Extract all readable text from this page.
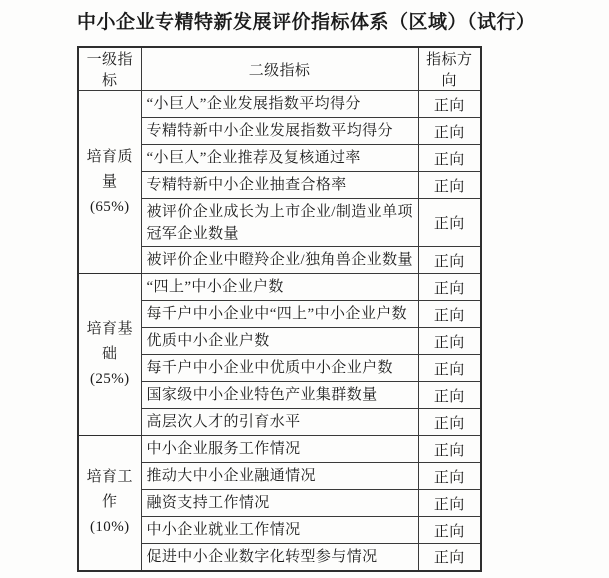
中小企业专精特新发展评价指标体系（区域）（试行）
一级指标	二级指标	指标方向

培育质量
(65%)	“小巨人”企业发展指数平均得分	正向
	专精特新中小企业发展指数平均得分	正向
	“小巨人”企业推荐及复核通过率	正向
	专精特新中小企业抽查合格率	正向
	被评价企业成长为上市企业/制造业单项冠军企业数量	正向
	被评价企业中瞪羚企业/独角兽企业数量	正向

培育基础
(25%)	“四上”中小企业户数	正向
	每千户中小企业中“四上”中小企业户数	正向
	优质中小企业户数	正向
	每千户中小企业中优质中小企业户数	正向
	国家级中小企业特色产业集群数量	正向
	高层次人才的引育水平	正向

培育工作
(10%)	中小企业服务工作情况	正向
	推动大中小企业融通情况	正向
	融资支持工作情况	正向
	中小企业就业工作情况	正向
	促进中小企业数字化转型参与情况	正向
